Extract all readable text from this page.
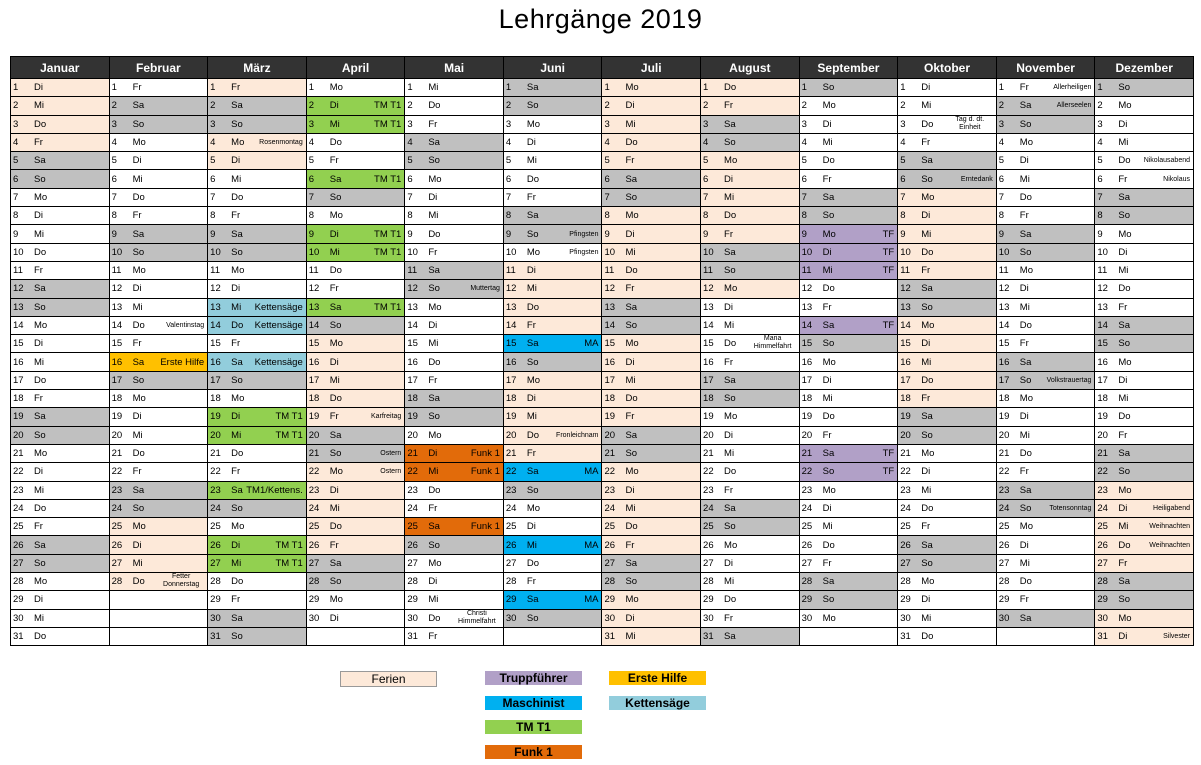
Lehrgänge 2019
Januar	Februar	März	April	Mai	Juni	Juli	August	September	Oktober	November	Dezember

1 Di	1 Fr	1 Fr	1 Mo	1 Mi	1 Sa	1 Mo	1 Do	1 So	1 Di	1 Fr Allerheiligen	1 So

2 Mi	2 Sa	2 Sa	2 Di TM T1	2 Do	2 So	2 Di	2 Fr	2 Mo	2 Mi	2 Sa Allerseelen	2 Mo

3 Do	3 So	3 So	3 Mi TM T1	3 Fr	3 Mo	3 Mi	3 Sa	3 Di	3 Do Tag d. dt. Einheit	3 So	3 Di

4 Fr	4 Mo	4 Mo Rosenmontag	4 Do	4 Sa	4 Di	4 Do	4 So	4 Mi	4 Fr	4 Mo	4 Mi

5 Sa	5 Di	5 Di	5 Fr	5 So	5 Mi	5 Fr	5 Mo	5 Do	5 Sa	5 Di	5 Do Nikolausabend

6 So	6 Mi	6 Mi	6 Sa TM T1	6 Mo	6 Do	6 Sa	6 Di	6 Fr	6 So Erntedank	6 Mi	6 Fr Nikolaus

7 Mo	7 Do	7 Do	7 So	7 Di	7 Fr	7 So	7 Mi	7 Sa	7 Mo	7 Do	7 Sa

8 Di	8 Fr	8 Fr	8 Mo	8 Mi	8 Sa	8 Mo	8 Do	8 So	8 Di	8 Fr	8 So

9 Mi	9 Sa	9 Sa	9 Di TM T1	9 Do	9 So Pfingsten	9 Di	9 Fr	9 Mo TF	9 Mi	9 Sa	9 Mo

10 Do	10 So	10 So	10 Mi TM T1	10 Fr	10 Mo Pfingsten	10 Mi	10 Sa	10 Di TF	10 Do	10 So	10 Di

11 Fr	11 Mo	11 Mo	11 Do	11 Sa	11 Di	11 Do	11 So	11 Mi TF	11 Fr	11 Mo	11 Mi

12 Sa	12 Di	12 Di	12 Fr	12 So Muttertag	12 Mi	12 Fr	12 Mo	12 Do	12 Sa	12 Di	12 Do

13 So	13 Mi	13 Mi Kettensäge	13 Sa TM T1	13 Mo	13 Do	13 Sa	13 Di	13 Fr	13 So	13 Mi	13 Fr

14 Mo	14 Do Valentinstag	14 Do Kettensäge	14 So	14 Di	14 Fr	14 So	14 Mi	14 Sa TF	14 Mo	14 Do	14 Sa

15 Di	15 Fr	15 Fr	15 Mo	15 Mi	15 Sa MA	15 Mo	15 Do Maria Himmelfahrt	15 So	15 Di	15 Fr	15 So

16 Mi	16 Sa Erste Hilfe	16 Sa Kettensäge	16 Di	16 Do	16 So	16 Di	16 Fr	16 Mo	16 Mi	16 Sa	16 Mo

17 Do	17 So	17 So	17 Mi	17 Fr	17 Mo	17 Mi	17 Sa	17 Di	17 Do	17 So Volkstrauertag	17 Di

18 Fr	18 Mo	18 Mo	18 Do	18 Sa	18 Di	18 Do	18 So	18 Mi	18 Fr	18 Mo	18 Mi

19 Sa	19 Di	19 Di TM T1	19 Fr Karfreitag	19 So	19 Mi	19 Fr	19 Mo	19 Do	19 Sa	19 Di	19 Do

20 So	20 Mi	20 Mi TM T1	20 Sa	20 Mo	20 Do Fronleichnam	20 Sa	20 Di	20 Fr	20 So	20 Mi	20 Fr

21 Mo	21 Do	21 Do	21 So Ostern	21 Di Funk 1	21 Fr	21 So	21 Mi	21 Sa TF	21 Mo	21 Do	21 Sa

22 Di	22 Fr	22 Fr	22 Mo Ostern	22 Mi Funk 1	22 Sa MA	22 Mo	22 Do	22 So TF	22 Di	22 Fr	22 So

23 Mi	23 Sa	23 Sa TM1/Kettens.	23 Di	23 Do	23 So	23 Di	23 Fr	23 Mo	23 Mi	23 Sa	23 Mo

24 Do	24 So	24 So	24 Mi	24 Fr	24 Mo	24 Mi	24 Sa	24 Di	24 Do	24 So Totensonntag	24 Di Heiligabend

25 Fr	25 Mo	25 Mo	25 Do	25 Sa Funk 1	25 Di	25 Do	25 So	25 Mi	25 Fr	25 Mo	25 Mi Weihnachten

26 Sa	26 Di	26 Di TM T1	26 Fr	26 So	26 Mi MA	26 Fr	26 Mo	26 Do	26 Sa	26 Di	26 Do Weihnachten

27 So	27 Mi	27 Mi TM T1	27 Sa	27 Mo	27 Do	27 Sa	27 Di	27 Fr	27 So	27 Mi	27 Fr

28 Mo	28 Do Fetter Donnerstag	28 Do	28 So	28 Di	28 Fr	28 So	28 Mi	28 Sa	28 Mo	28 Do	28 Sa

29 Di		29 Fr	29 Mo	29 Mi	29 Sa MA	29 Mo	29 Do	29 So	29 Di	29 Fr	29 So

30 Mi		30 Sa	30 Di	30 Do Christi Himmelfahrt	30 So	30 Di	30 Fr	30 Mo	30 Mi	30 Sa	30 Mo

31 Do		31 So		31 Fr		31 Mi	31 Sa		31 Do		31 Di Silvester
Ferien	Truppführer	Erste Hilfe
Maschinist	Kettensäge
TM T1
Funk 1
